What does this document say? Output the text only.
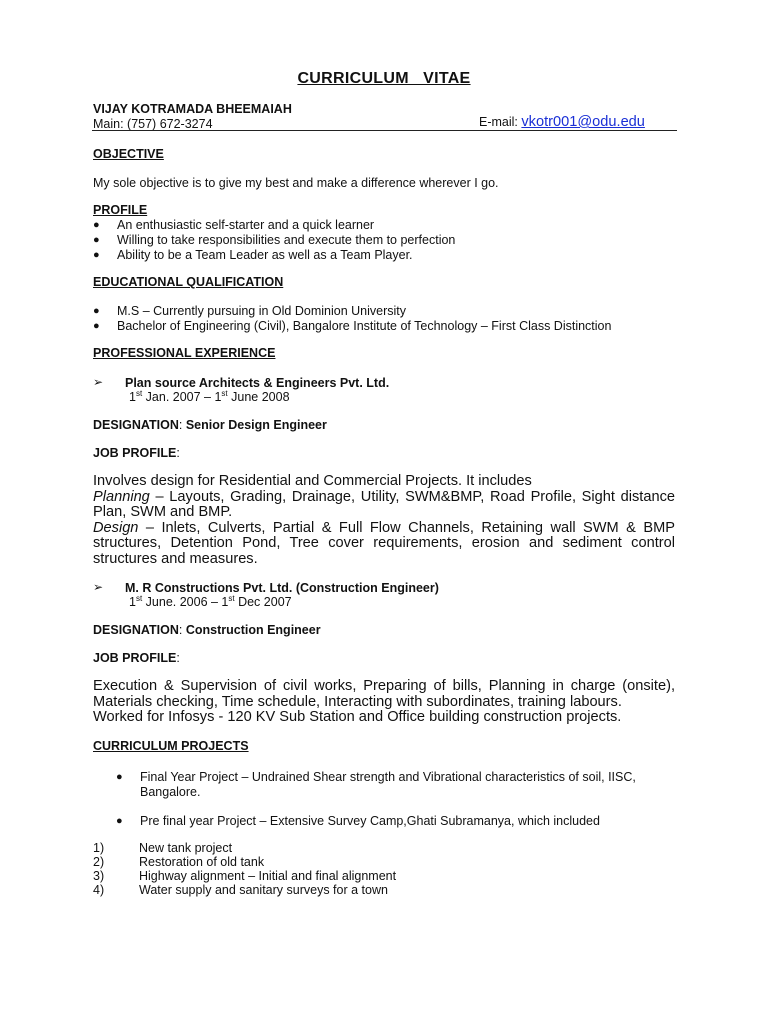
CURRICULUM   VITAE
VIJAY KOTRAMADA BHEEMAIAH
Main: (757) 672-3274	E-mail: vkotr001@odu.edu
OBJECTIVE
My sole objective is to give my best and make a difference wherever I go.
PROFILE
● An enthusiastic self-starter and a quick learner
● Willing to take responsibilities and execute them to perfection
● Ability to be a Team Leader as well as a Team Player.
EDUCATIONAL QUALIFICATION
● M.S – Currently pursuing in Old Dominion University
● Bachelor of Engineering (Civil), Bangalore Institute of Technology – First Class Distinction
PROFESSIONAL EXPERIENCE
➢ Plan source Architects & Engineers Pvt. Ltd.
1st Jan. 2007 – 1st June 2008
DESIGNATION: Senior Design Engineer
JOB PROFILE:
Involves design for Residential and Commercial Projects. It includes
Planning – Layouts, Grading, Drainage, Utility, SWM&BMP, Road Profile, Sight distance
Plan, SWM and BMP.
Design – Inlets, Culverts, Partial & Full Flow Channels, Retaining wall SWM & BMP
structures, Detention Pond, Tree cover requirements, erosion and sediment control
structures and measures.
➢ M. R Constructions Pvt. Ltd. (Construction Engineer)
1st June. 2006 – 1st Dec 2007
DESIGNATION: Construction Engineer
JOB PROFILE:
Execution & Supervision of civil works, Preparing of bills, Planning in charge (onsite),
Materials checking, Time schedule, Interacting with subordinates, training labours.
Worked for Infosys - 120 KV Sub Station and Office building construction projects.
CURRICULUM PROJECTS
● Final Year Project – Undrained Shear strength and Vibrational characteristics of soil, IISC,
Bangalore.
● Pre final year Project – Extensive Survey Camp,Ghati Subramanya, which included
1)	New tank project
2)	Restoration of old tank
3)	Highway alignment – Initial and final alignment
4)	Water supply and sanitary surveys for a town
